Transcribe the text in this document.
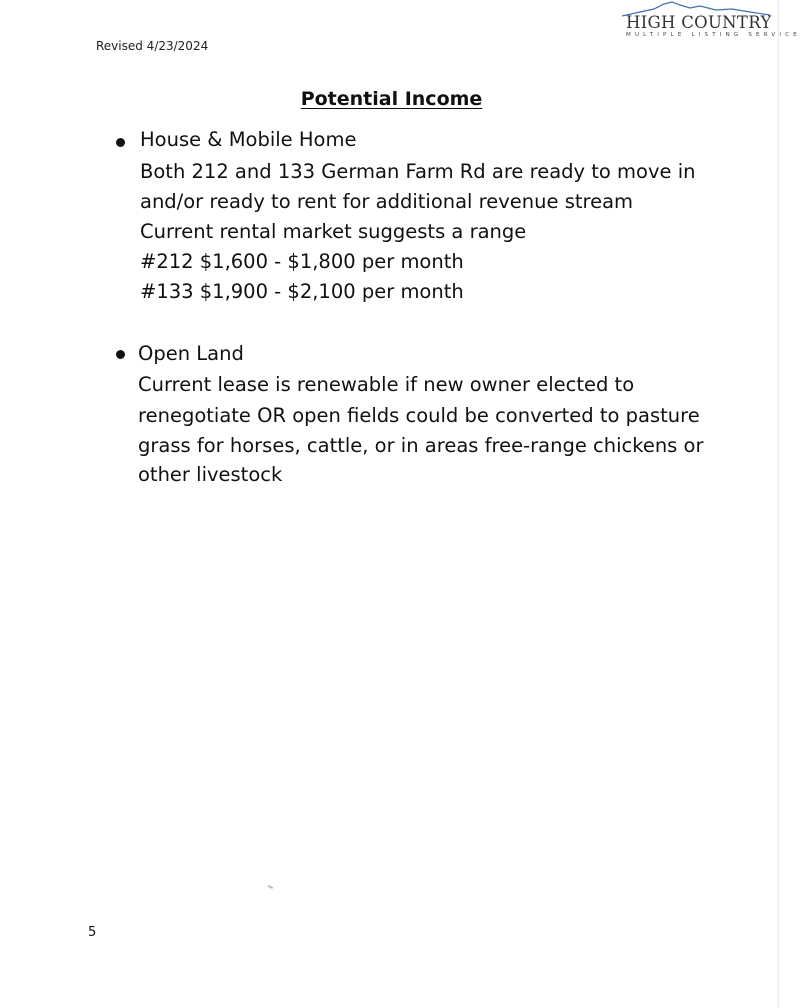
Revised 4/23/2024
HIGH COUNTRY
MULTIPLE LISTING SERVICE
Potential Income
House & Mobile Home
Both 212 and 133 German Farm Rd are ready to move in
and/or ready to rent for additional revenue stream
Current rental market suggests a range
#212 $1,600 - $1,800 per month
#133 $1,900 - $2,100 per month
Open Land
Current lease is renewable if new owner elected to
renegotiate OR open fields could be converted to pasture
grass for horses, cattle, or in areas free-range chickens or
other livestock
5
